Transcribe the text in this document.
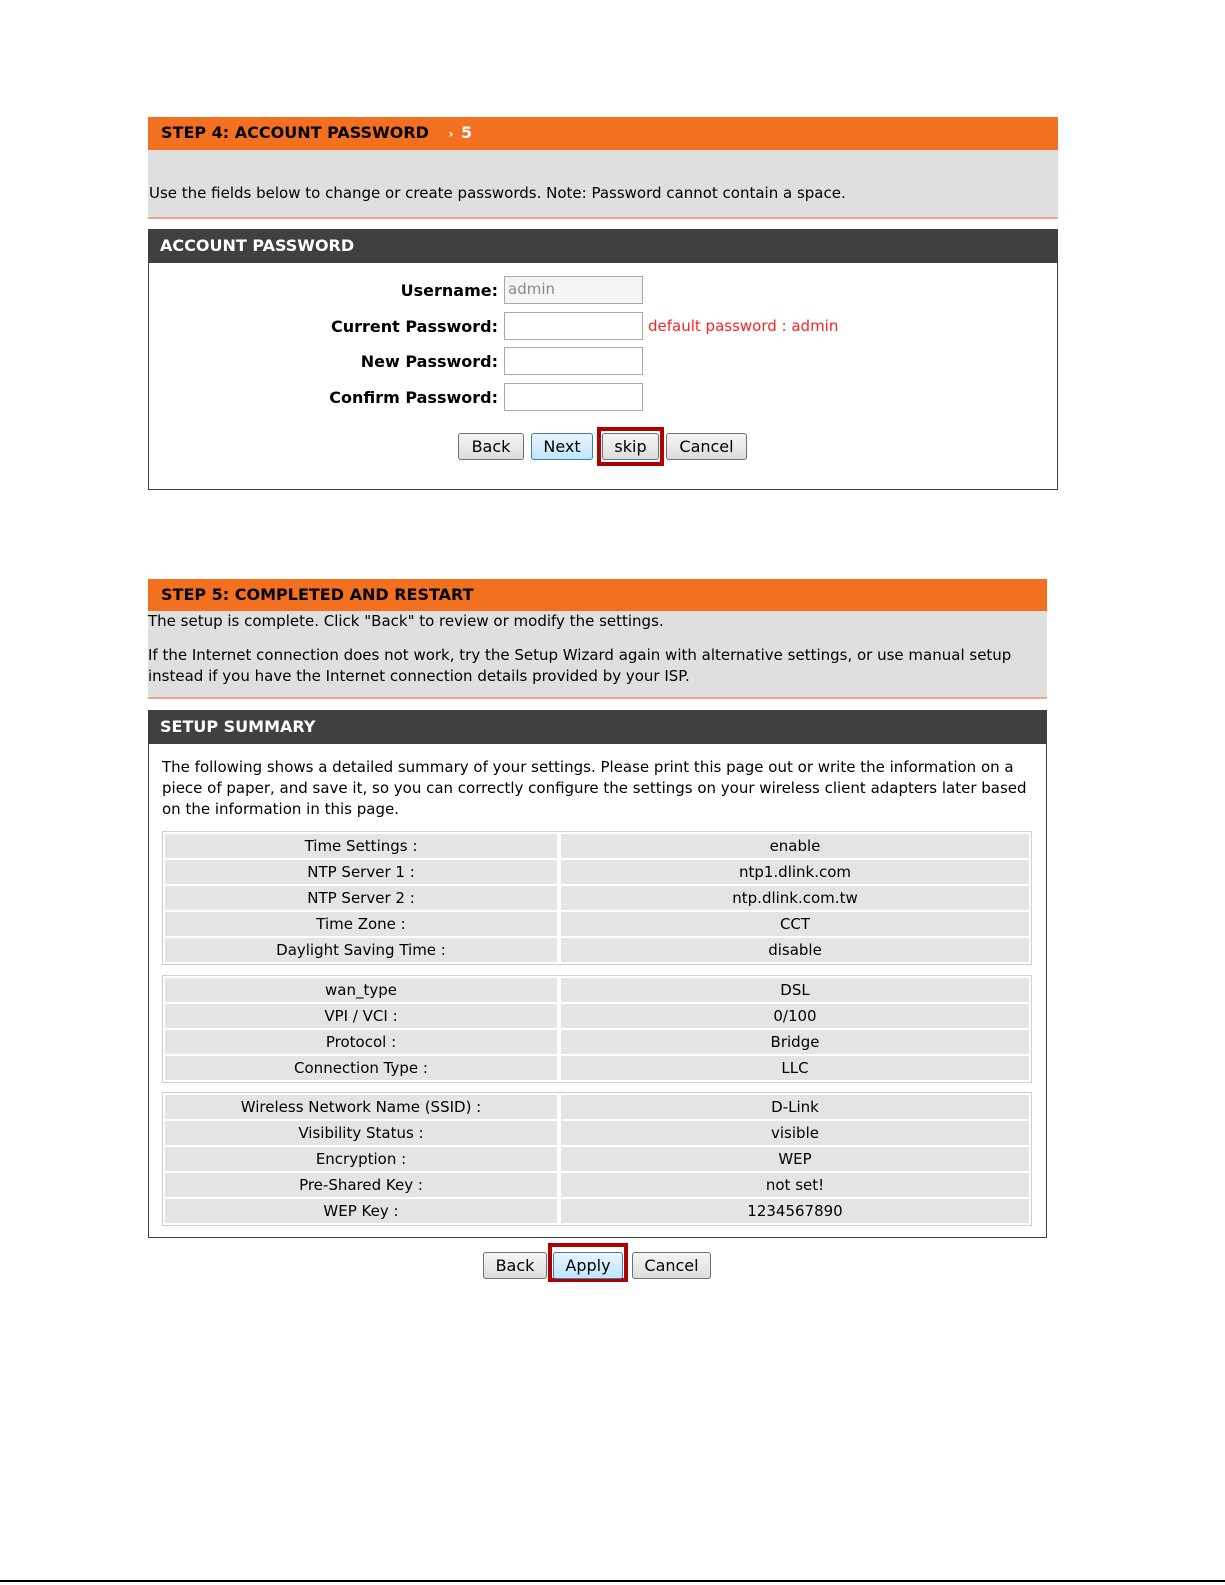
STEP 4: ACCOUNT PASSWORD › 5
Use the fields below to change or create passwords. Note: Password cannot contain a space.
ACCOUNT PASSWORD
Username: admin
Current Password:	default password : admin
New Password:
Confirm Password:
Back	Next	skip	Cancel
STEP 5: COMPLETED AND RESTART
The setup is complete. Click "Back" to review or modify the settings.
If the Internet connection does not work, try the Setup Wizard again with alternative settings, or use manual setup instead if you have the Internet connection details provided by your ISP.
SETUP SUMMARY
The following shows a detailed summary of your settings. Please print this page out or write the information on a piece of paper, and save it, so you can correctly configure the settings on your wireless client adapters later based on the information in this page.
Time Settings :	enable
NTP Server 1 :	ntp1.dlink.com
NTP Server 2 :	ntp.dlink.com.tw
Time Zone :	CCT
Daylight Saving Time :	disable
wan_type	DSL
VPI / VCI :	0/100
Protocol :	Bridge
Connection Type :	LLC
Wireless Network Name (SSID) :	D-Link
Visibility Status :	visible
Encryption :	WEP
Pre-Shared Key :	not set!
WEP Key :	1234567890
Back	Apply	Cancel
